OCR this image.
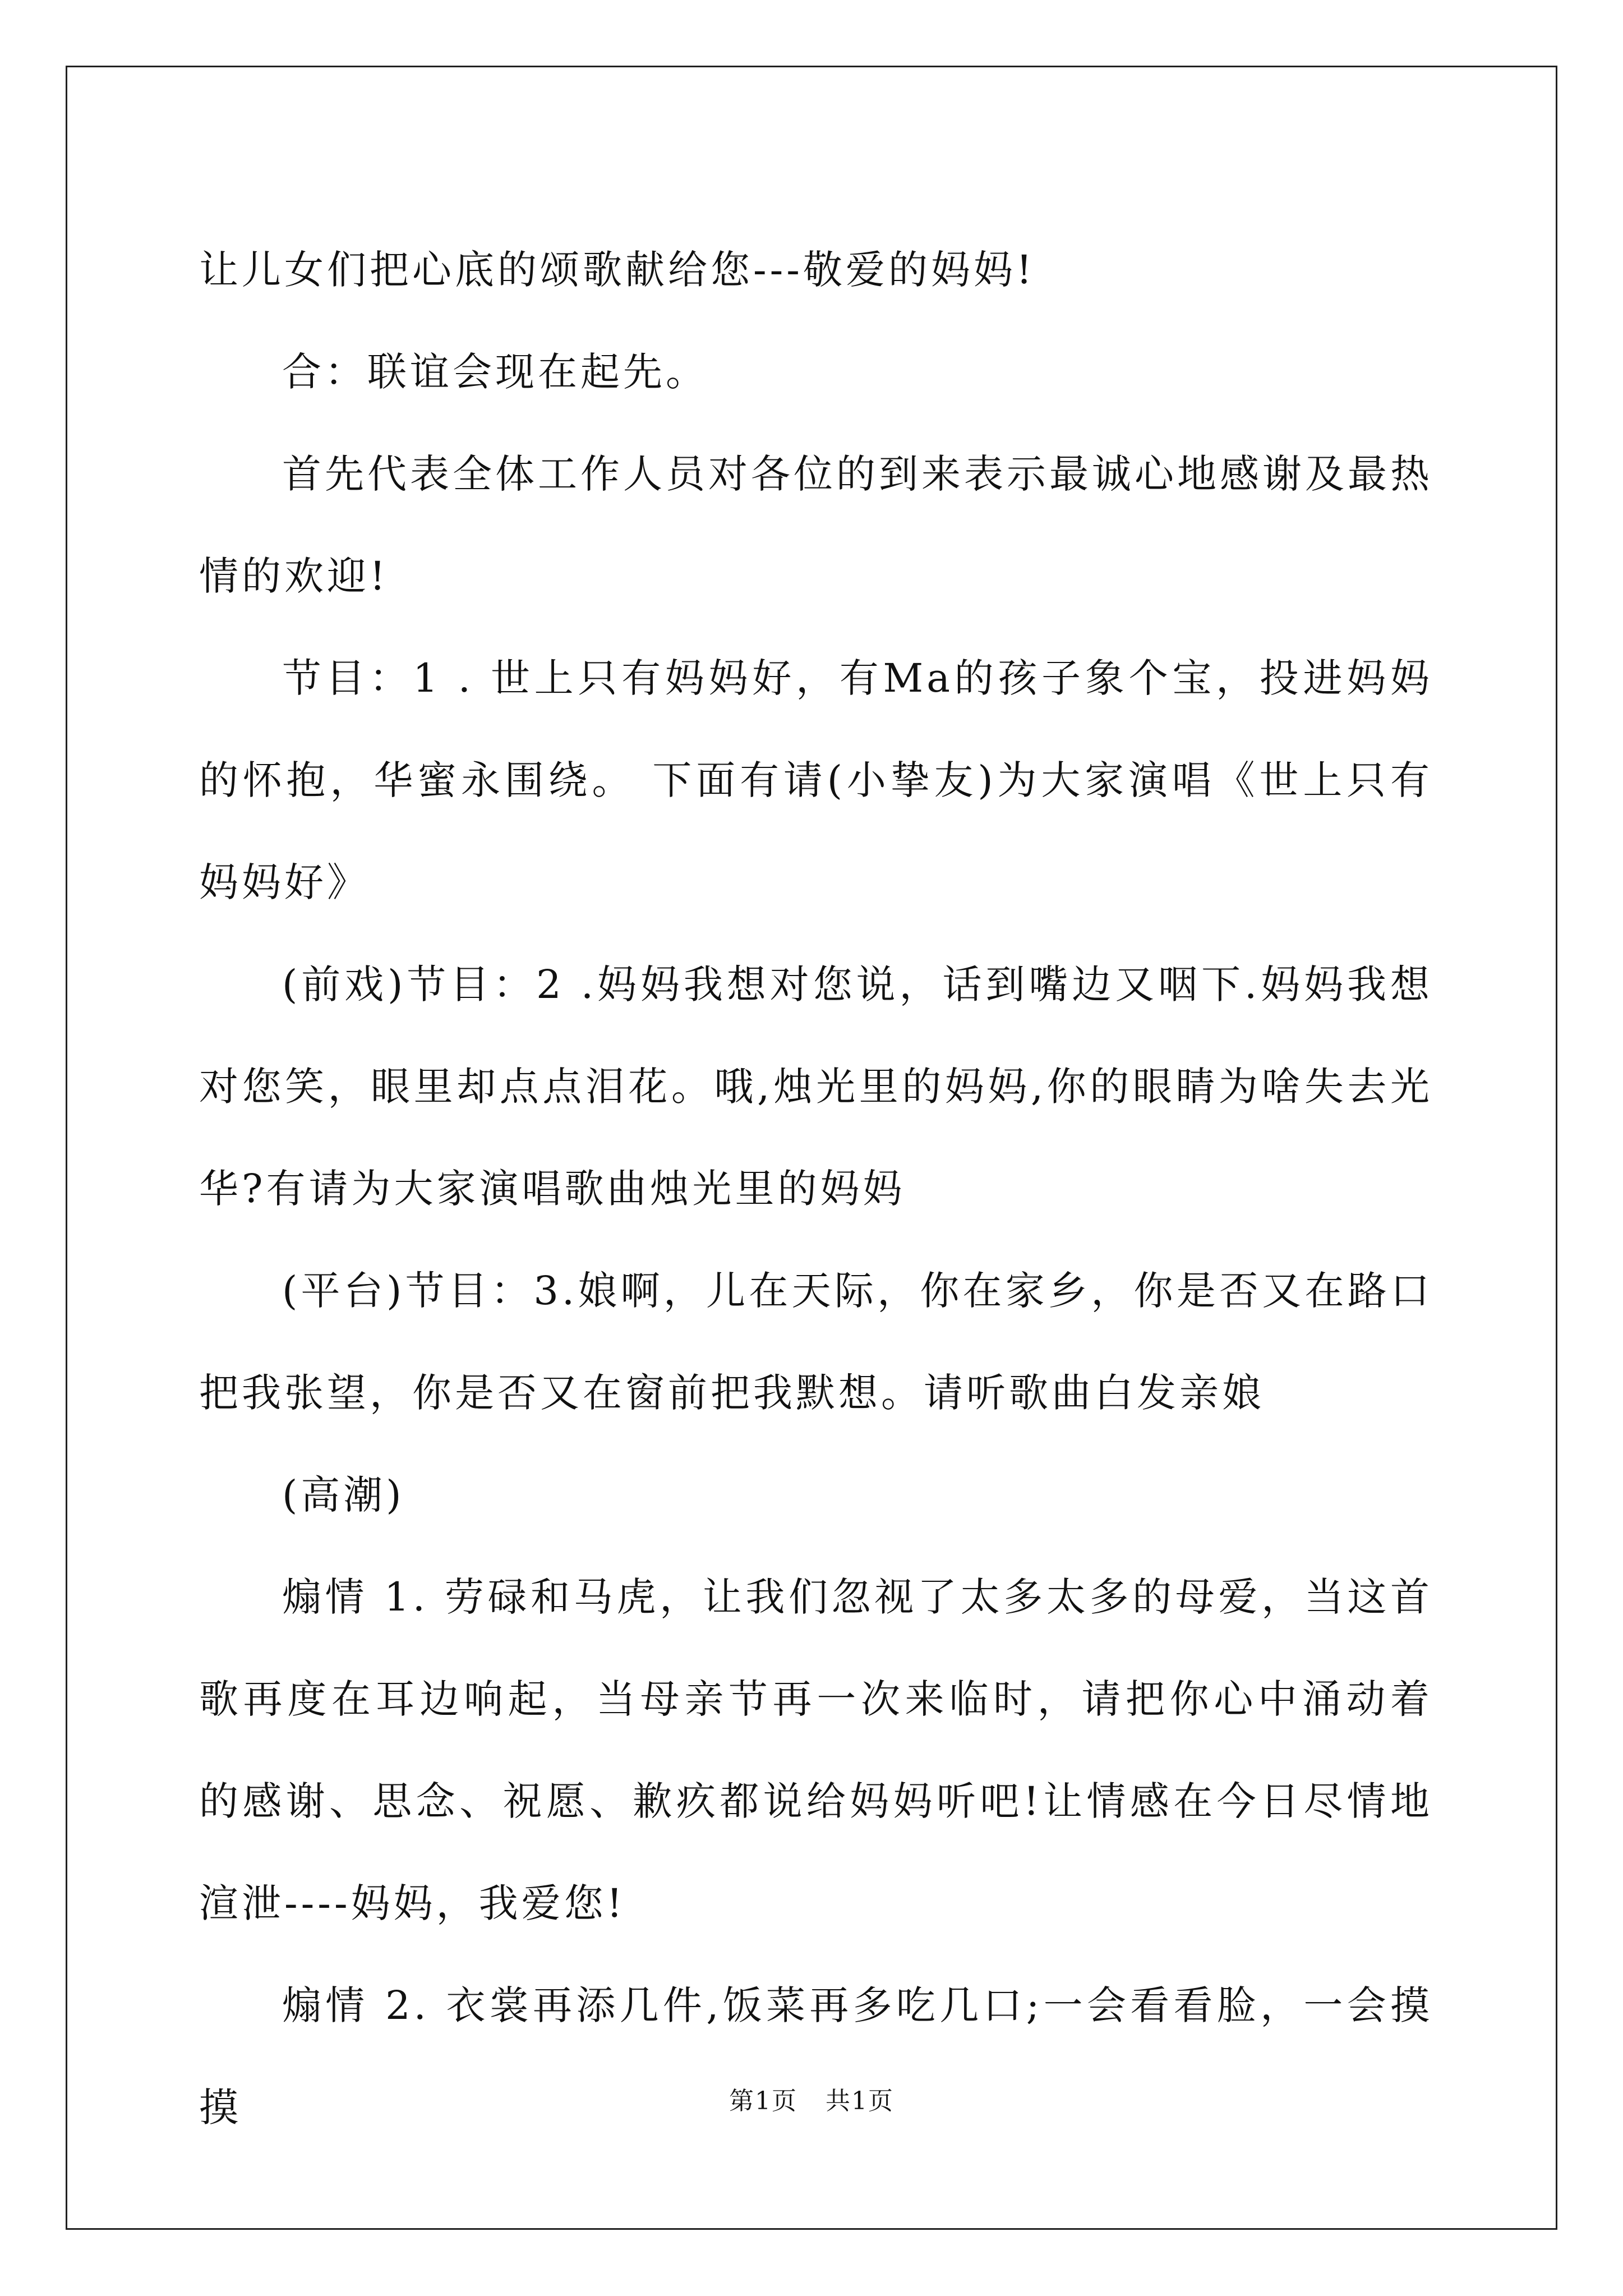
让儿女们把心底的颂歌献给您---敬爱的妈妈!

合：联谊会现在起先。

首先代表全体工作人员对各位的到来表示最诚心地感谢及最热情的欢迎!

节目：1 . 世上只有妈妈好，有Ma的孩子象个宝，投进妈妈的怀抱，华蜜永围绕。 下面有请(小挚友)为大家演唱《世上只有妈妈好》

(前戏)节目：2 .妈妈我想对您说，话到嘴边又咽下.妈妈我想对您笑，眼里却点点泪花。哦,烛光里的妈妈,你的眼睛为啥失去光华?有请为大家演唱歌曲烛光里的妈妈

(平台)节目：3.娘啊，儿在天际，你在家乡，你是否又在路口把我张望，你是否又在窗前把我默想。请听歌曲白发亲娘

(高潮)

煽情 1. 劳碌和马虎，让我们忽视了太多太多的母爱，当这首歌再度在耳边响起，当母亲节再一次来临时，请把你心中涌动着的感谢、思念、祝愿、歉疚都说给妈妈听吧!让情感在今日尽情地渲泄----妈妈，我爱您!

煽情 2. 衣裳再添几件,饭菜再多吃几口;一会看看脸，一会摸摸	第1页 共1页
